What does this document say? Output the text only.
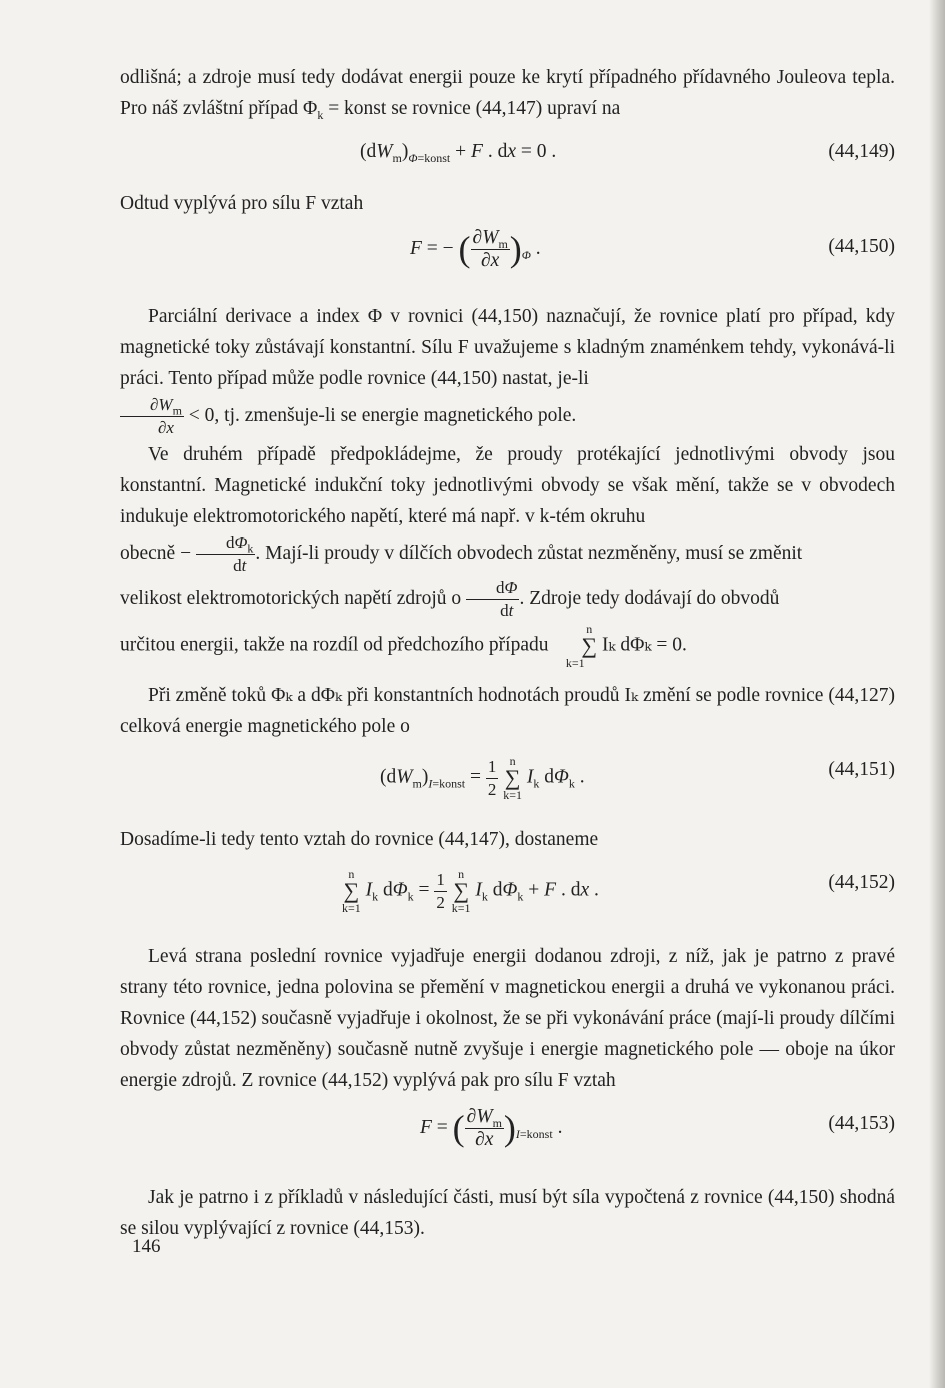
odlišná; a zdroje musí tedy dodávat energii pouze ke krytí případného přídavného Jouleova tepla. Pro náš zvláštní případ $\Phi_k$ = konst se rovnice (44,147) upraví na

$(dW_m)_{\Phi=konst} + F$ . dx = 0 .	(44,149)

Odtud vyplývá pro sílu F vztah

F = − ( $\frac{\partial W_m}{\partial x} )_\Phi$ .	(44,150)

Parciální derivace a index Φ v rovnici (44,150) naznačují, že rovnice platí pro případ, kdy magnetické toky zůstávají konstantní. Sílu F uvažujeme s kladným znaménkem tehdy, vykonává-li práci. Tento případ může podle rovnice (44,150) nastat, je-li

$\frac{\partial W_m}{\partial x} < 0$, tj. zmenšuje-li se energie magnetického pole.

Ve druhém případě předpokládejme, že proudy protékající jednotlivými obvody jsou konstantní. Magnetické indukční toky jednotlivými obvody se však mění, takže se v obvodech indukuje elektromotorického napětí, které má např. v k-tém okruhu
obecně − $\frac{d\Phi_k}{dt}$ . Mají-li proudy v dílčích obvodech zůstat nezměněny, musí se změnit
velikost elektromotorických napětí zdrojů o $\frac{d\Phi}{dt}$ . Zdroje tedy dodávají do obvodů
určitou energii, takže na rozdíl od předchozího případu n
∑
k=1 Iₖ dΦₖ = 0.

Při změně toků Φₖ a dΦₖ při konstantních hodnotách proudů Iₖ změní se podle rovnice (44,127) celková energie magnetického pole o

$(dW_m)_{I=konst} = \frac{1}{2}$ n
∑
k=1 $I_k$ $d\Phi_k$ .	(44,151)

Dosadíme-li tedy tento vztah do rovnice (44,147), dostaneme

n
∑
k=1 $I_k$ $d\Phi_k = \frac{1}{2}$ n
∑
k=1 $I_k$ $d\Phi_k + F$ . dx .	(44,152)

Levá strana poslední rovnice vyjadřuje energii dodanou zdroji, z níž, jak je patrno z pravé strany této rovnice, jedna polovina se přemění v magnetickou energii a druhá ve vykonanou práci. Rovnice (44,152) současně vyjadřuje i okolnost, že se při vykonávání práce (mají-li proudy dílčími obvody zůstat nezměněny) současně nutně zvyšuje i energie magnetického pole — oboje na úkor energie zdrojů. Z rovnice (44,152) vyplývá pak pro sílu F vztah

F = ( $\frac{\partial W_m}{\partial x} )_{I=konst}$ .	(44,153)

Jak je patrno i z příkladů v následující části, musí být síla vypočtená z rovnice (44,150) shodná se silou vyplývající z rovnice (44,153).

146
